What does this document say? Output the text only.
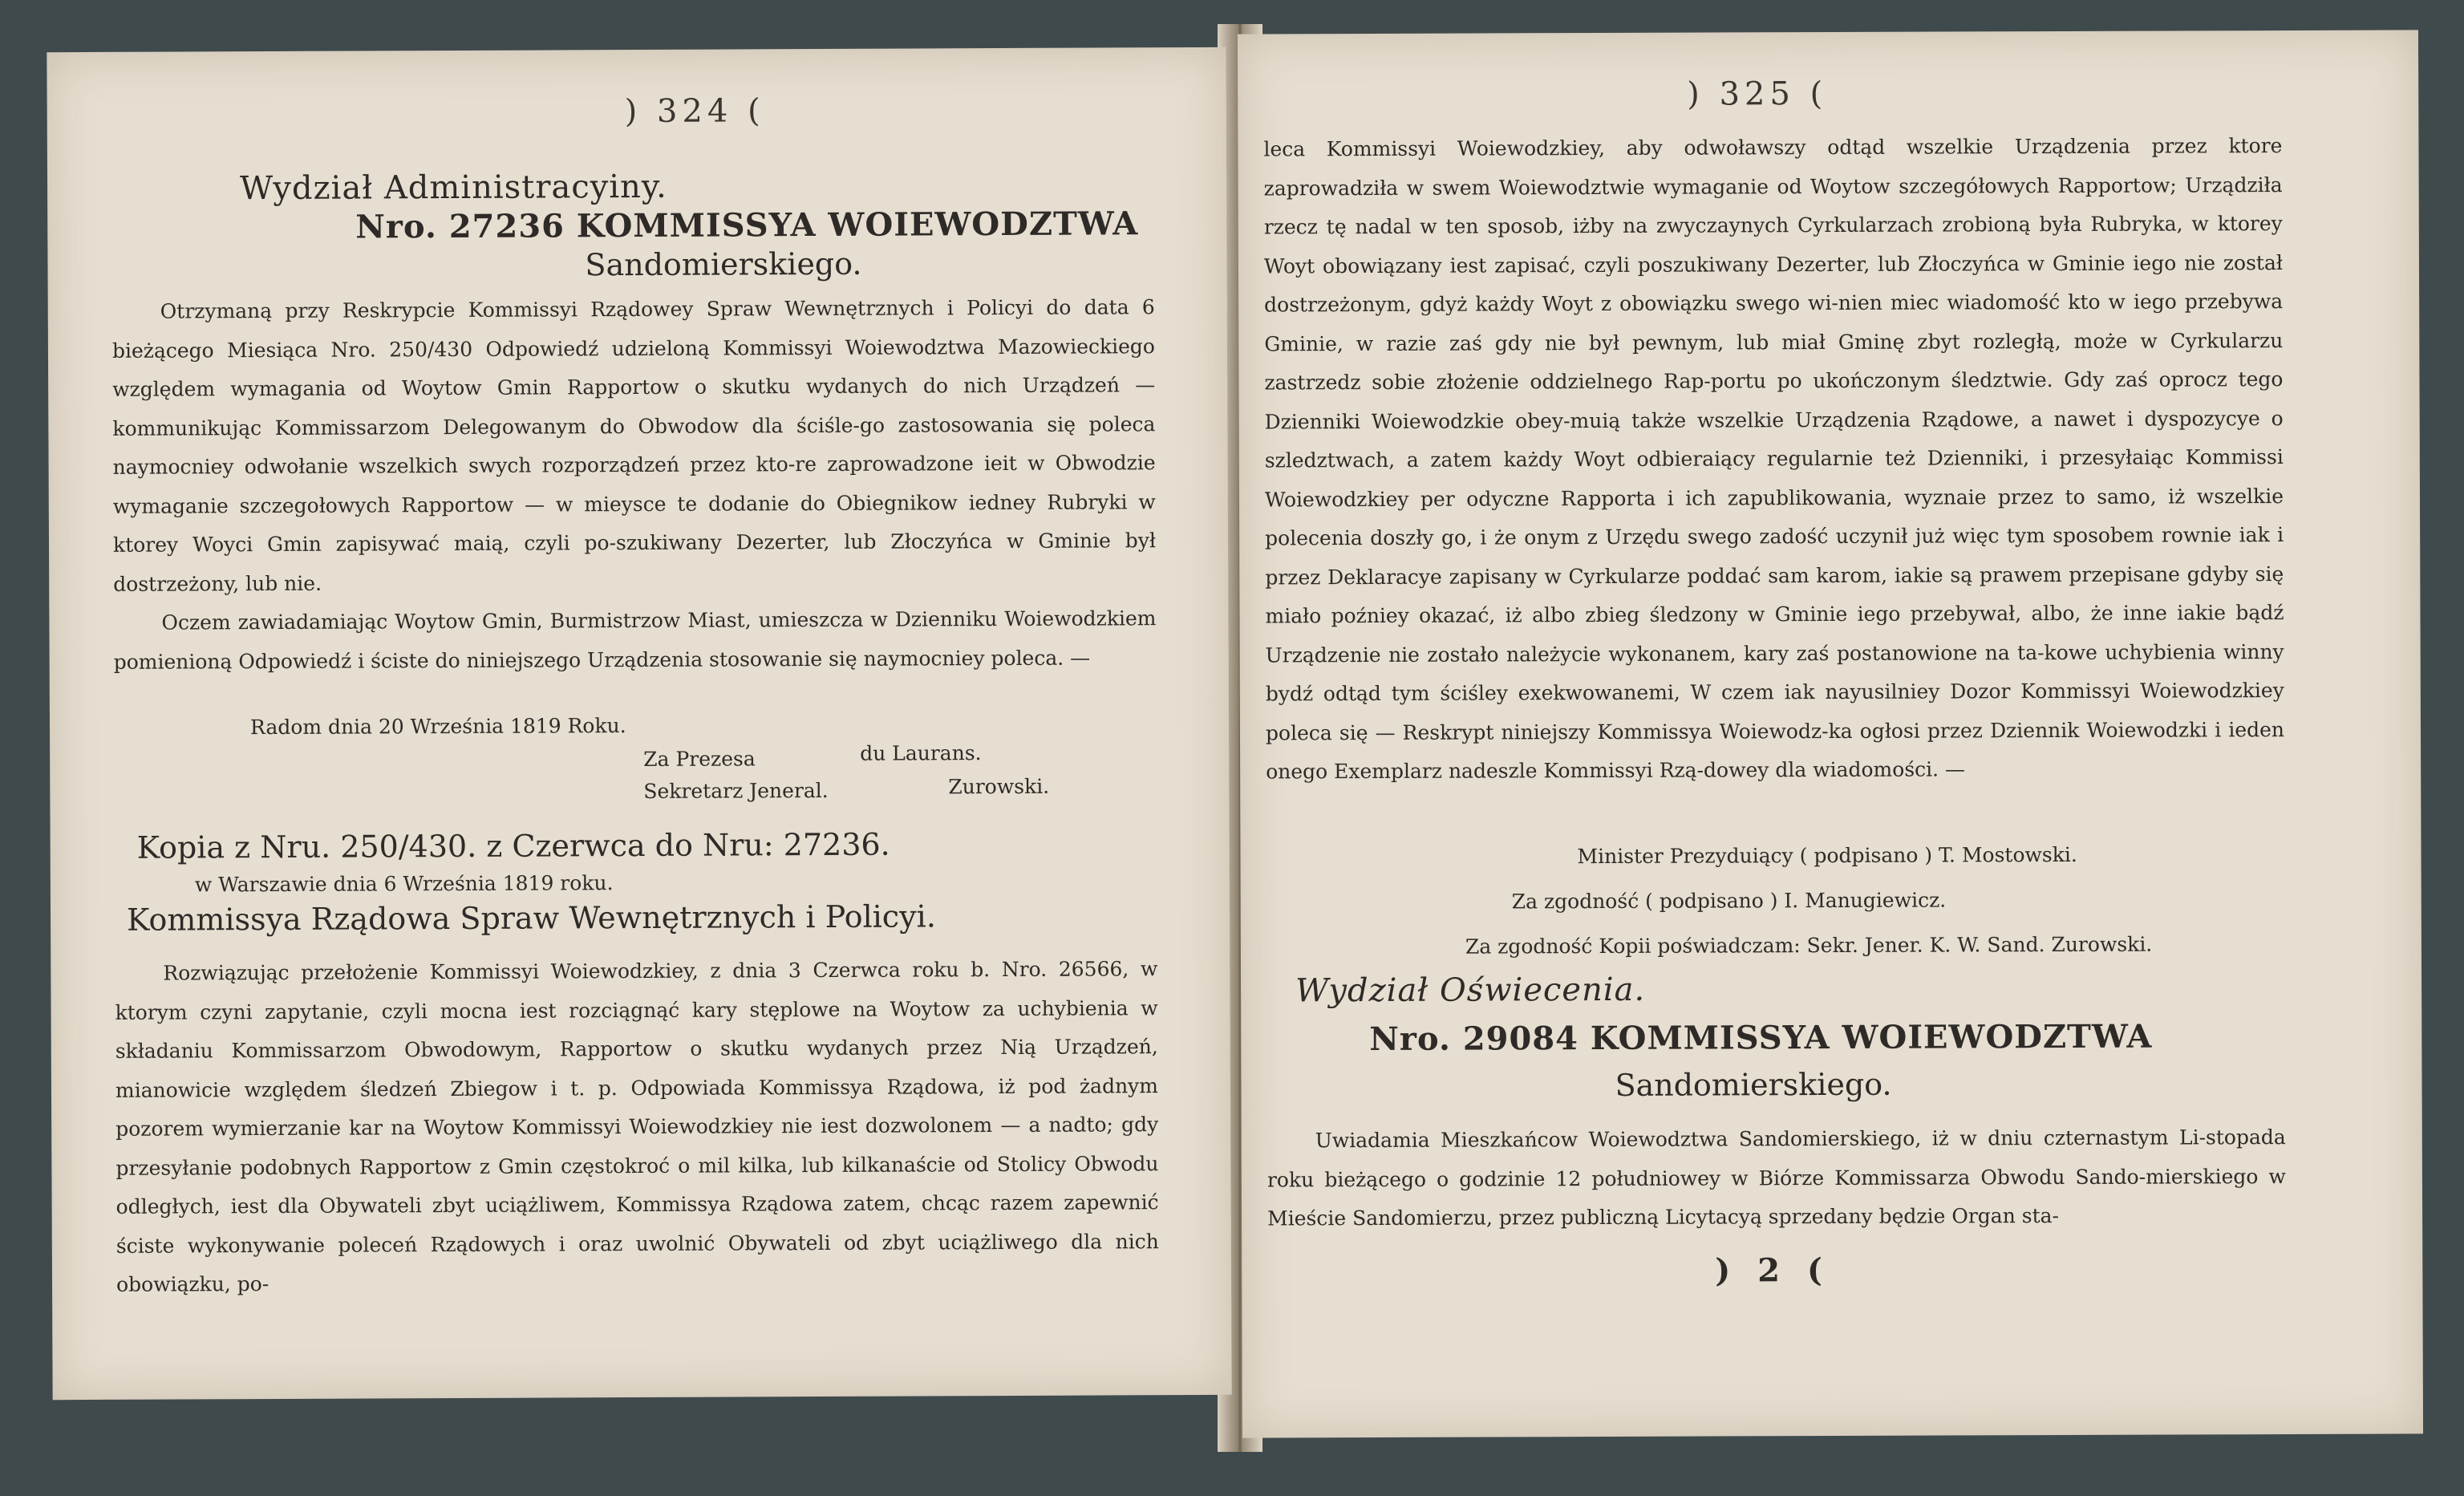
) 324 (
Wydział Administracyiny.
Nro. 27236 KOMMISSYA WOIEWODZTWA
Sandomierskiego.

Otrzymaną przy Reskrypcie Kommissyi Rządowey Spraw Wewnętrznych i Policyi do data 6 bieżącego Miesiąca Nro. 250/430 Odpowiedź udzieloną Kommissyi Woiewodztwa Mazowieckiego względem wymagania od Woytow Gmin Rapportow o skutku wydanych do nich Urządzeń — kommunikując Kommissarzom Delegowanym do Obwodow dla ściśle-go zastosowania się poleca naymocniey odwołanie wszelkich swych rozporządzeń przez kto-re zaprowadzone ieit w Obwodzie wymaganie szczegołowych Rapportow — w mieysce te dodanie do Obiegnikow iedney Rubryki w ktorey Woyci Gmin zapisywać maią, czyli po-szukiwany Dezerter, lub Złoczyńca w Gminie był dostrzeżony, lub nie.

Oczem zawiadamiając Woytow Gmin, Burmistrzow Miast, umieszcza w Dzienniku Woiewodzkiem pomienioną Odpowiedź i ściste do niniejszego Urządzenia stosowanie się naymocniey poleca. —

Radom dnia 20 Września 1819 Roku.
Za Prezesa	du Laurans.
Sekretarz Jeneral.	Zurowski.
Kopia z Nru. 250/430. z Czerwca do Nru: 27236.
w Warszawie dnia 6 Września 1819 roku.
Kommissya Rządowa Spraw Wewnętrznych i Policyi.
Rozwiązując przełożenie Kommissyi Woiewodzkiey, z dnia 3 Czerwca roku b. Nro. 26566, w ktorym czyni zapytanie, czyli mocna iest rozciągnąć kary stęplowe na Woytow za uchybienia w składaniu Kommissarzom Obwodowym, Rapportow o skutku wydanych przez Nią Urządzeń, mianowicie względem śledzeń Zbiegow i t. p. Odpowiada Kommissya Rządowa, iż pod żadnym pozorem wymierzanie kar na Woytow Kommissyi Woiewodzkiey nie iest dozwolonem — a nadto; gdy przesyłanie podobnych Rapportow z Gmin częstokroć o mil kilka, lub kilkanaście od Stolicy Obwodu odległych, iest dla Obywateli zbyt uciążliwem, Kommissya Rządowa zatem, chcąc razem zapewnić ściste wykonywanie poleceń Rządowych i oraz uwolnić Obywateli od zbyt uciążliwego dla nich obowiązku, po-
) 325 (

leca Kommissyi Woiewodzkiey, aby odwoławszy odtąd wszelkie Urządzenia przez ktore zaprowadziła w swem Woiewodztwie wymaganie od Woytow szczegółowych Rapportow; Urządziła rzecz tę nadal w ten sposob, iżby na zwyczaynych Cyrkularzach zrobioną była Rubryka, w ktorey Woyt obowiązany iest zapisać, czyli poszukiwany Dezerter, lub Złoczyńca w Gminie iego nie został dostrzeżonym, gdyż każdy Woyt z obowiązku swego wi-nien miec wiadomość kto w iego przebywa Gminie, w razie zaś gdy nie był pewnym, lub miał Gminę zbyt rozległą, może w Cyrkularzu zastrzedz sobie złożenie oddzielnego Rap-portu po ukończonym śledztwie. Gdy zaś oprocz tego Dzienniki Woiewodzkie obey-muią także wszelkie Urządzenia Rządowe, a nawet i dyspozycye o szledztwach, a zatem każdy Woyt odbieraiący regularnie też Dzienniki, i przesyłaiąc Kommissi Woiewodzkiey per odyczne Rapporta i ich zapublikowania, wyznaie przez to samo, iż wszelkie polecenia doszły go, i że onym z Urzędu swego zadość uczynił już więc tym sposobem rownie iak i przez Deklaracye zapisany w Cyrkularze poddać sam karom, iakie są prawem przepisane gdyby się miało poźniey okazać, iż albo zbieg śledzony w Gminie iego przebywał, albo, że inne iakie bądź Urządzenie nie zostało należycie wykonanem, kary zaś postanowione na ta-kowe uchybienia winny bydź odtąd tym ściśley exekwowanemi, W czem iak nayusilniey Dozor Kommissyi Woiewodzkiey poleca się — Reskrypt niniejszy Kommissya Woiewodz-ka ogłosi przez Dziennik Woiewodzki i ieden onego Exemplarz nadeszle Kommissyi Rzą-dowey dla wiadomości. —

Minister Prezyduiący ( podpisano ) T. Mostowski.
Za zgodność ( podpisano ) I. Manugiewicz.
Za zgodność Kopii poświadczam: Sekr. Jener. K. W. Sand. Zurowski.
Wydział Oświecenia.
Nro. 29084 KOMMISSYA WOIEWODZTWA
Sandomierskiego.

Uwiadamia Mieszkańcow Woiewodztwa Sandomierskiego, iż w dniu czternastym Li-stopada roku bieżącego o godzinie 12 południowey w Biórze Kommissarza Obwodu Sando-mierskiego w Mieście Sandomierzu, przez publiczną Licytacyą sprzedany będzie Organ sta-

) 2 (
